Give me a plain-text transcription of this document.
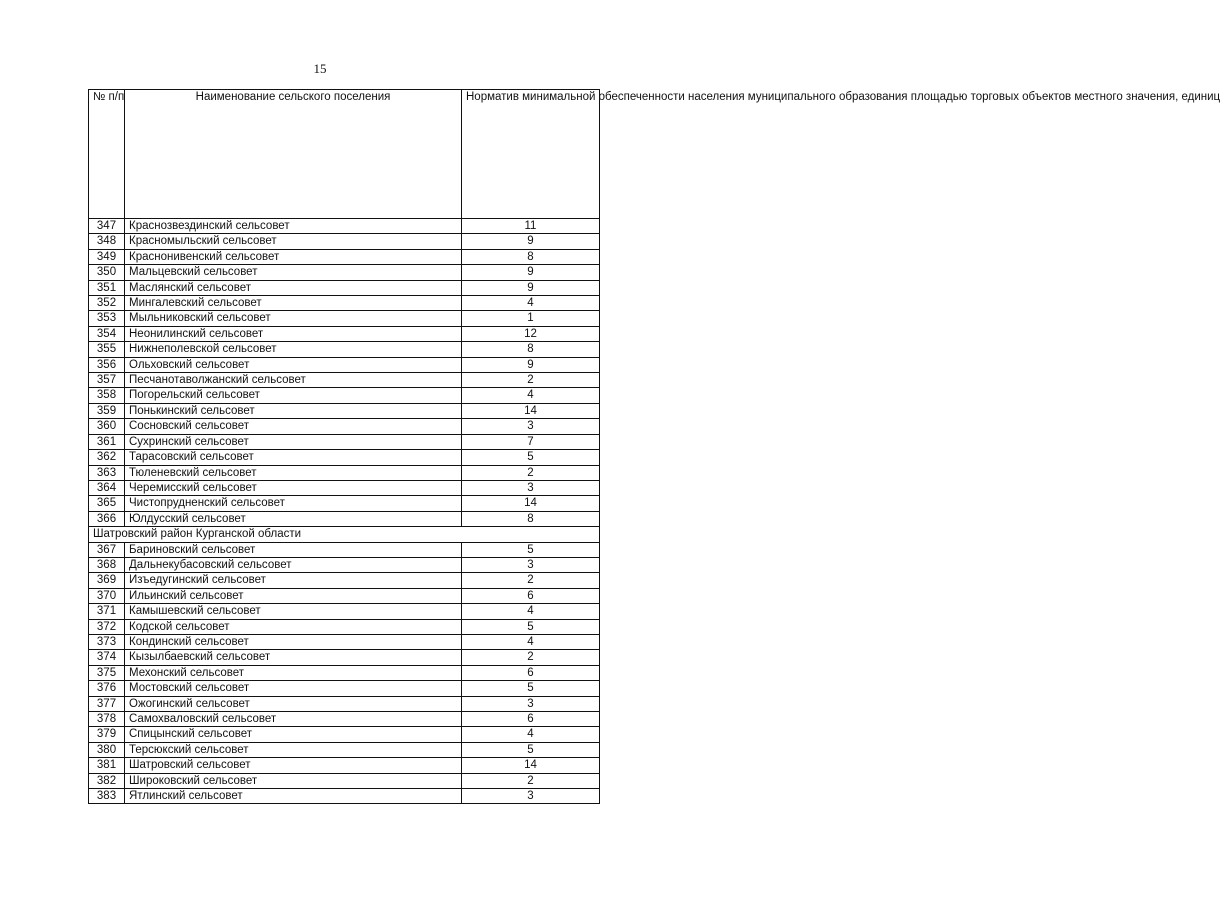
15
№ п/п	Наименование сельского поселения	Норматив минимальной обеспеченности населения муниципального образования площадью торговых объектов местного значения, единиц
347	Краснозвездинский сельсовет	11
348	Красномыльский сельсовет	9
349	Краснонивенский сельсовет	8
350	Мальцевский сельсовет	9
351	Маслянский сельсовет	9
352	Мингалевский сельсовет	4
353	Мыльниковский сельсовет	1
354	Неонилинский сельсовет	12
355	Нижнеполевской сельсовет	8
356	Ольховский сельсовет	9
357	Песчанотаволжанский сельсовет	2
358	Погорельский сельсовет	4
359	Понькинский сельсовет	14
360	Сосновский сельсовет	3
361	Сухринский сельсовет	7
362	Тарасовский сельсовет	5
363	Тюленевский сельсовет	2
364	Черемисский сельсовет	3
365	Чистопрудненский сельсовет	14
366	Юлдусский сельсовет	8
Шатровский район Курганской области		
367	Бариновский сельсовет	5
368	Дальнекубасовский сельсовет	3
369	Изъедугинский сельсовет	2
370	Ильинский сельсовет	6
371	Камышевский сельсовет	4
372	Кодской сельсовет	5
373	Кондинский сельсовет	4
374	Кызылбаевский сельсовет	2
375	Мехонский сельсовет	6
376	Мостовский сельсовет	5
377	Ожогинский сельсовет	3
378	Самохваловский сельсовет	6
379	Спицынский сельсовет	4
380	Терсюкский сельсовет	5
381	Шатровский сельсовет	14
382	Широковский сельсовет	2
383	Ятлинский сельсовет	3
